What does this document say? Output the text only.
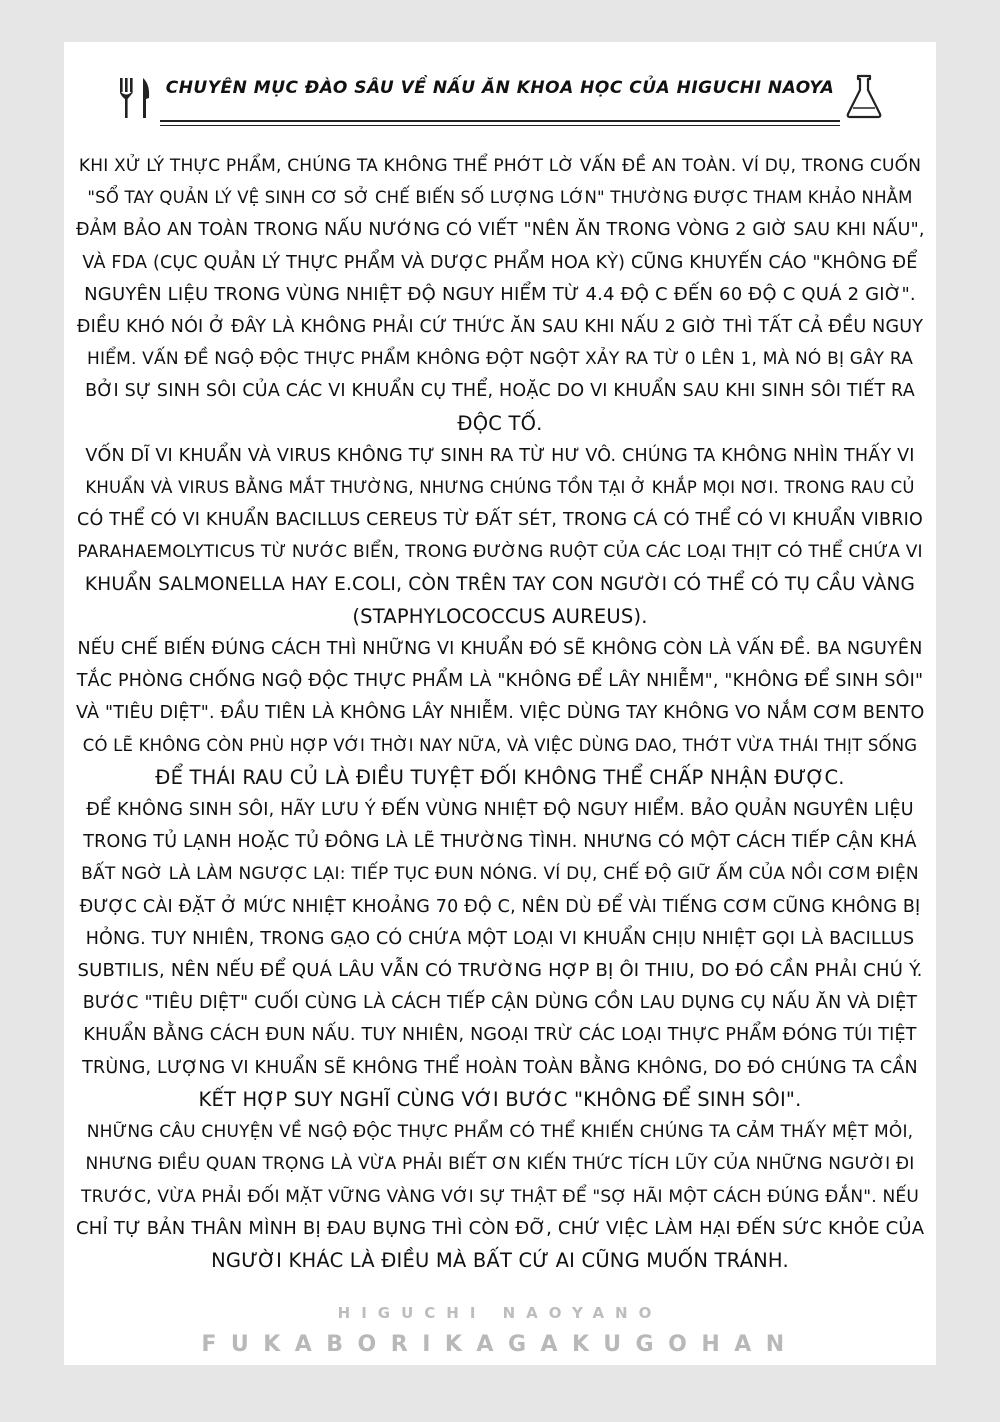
CHUYÊN MỤC ĐÀO SÂU VỀ NẤU ĂN KHOA HỌC CỦA HIGUCHI NAOYA
KHI XỬ LÝ THỰC PHẨM, CHÚNG TA KHÔNG THỂ PHỚT LỜ VẤN ĐỀ AN TOÀN. VÍ DỤ, TRONG CUỐN
"SỔ TAY QUẢN LÝ VỆ SINH CƠ SỞ CHẾ BIẾN SỐ LƯỢNG LỚN" THƯỜNG ĐƯỢC THAM KHẢO NHẰM
ĐẢM BẢO AN TOÀN TRONG NẤU NƯỚNG CÓ VIẾT "NÊN ĂN TRONG VÒNG 2 GIỜ SAU KHI NẤU",
VÀ FDA (CỤC QUẢN LÝ THỰC PHẨM VÀ DƯỢC PHẨM HOA KỲ) CŨNG KHUYẾN CÁO "KHÔNG ĐỂ
NGUYÊN LIỆU TRONG VÙNG NHIỆT ĐỘ NGUY HIỂM TỪ 4.4 ĐỘ C ĐẾN 60 ĐỘ C QUÁ 2 GIỜ".
ĐIỀU KHÓ NÓI Ở ĐÂY LÀ KHÔNG PHẢI CỨ THỨC ĂN SAU KHI NẤU 2 GIỜ THÌ TẤT CẢ ĐỀU NGUY
HIỂM. VẤN ĐỀ NGỘ ĐỘC THỰC PHẨM KHÔNG ĐỘT NGỘT XẢY RA TỪ 0 LÊN 1, MÀ NÓ BỊ GÂY RA
BỞI SỰ SINH SÔI CỦA CÁC VI KHUẨN CỤ THỂ, HOẶC DO VI KHUẨN SAU KHI SINH SÔI TIẾT RA
ĐỘC TỐ.
VỐN DĨ VI KHUẨN VÀ VIRUS KHÔNG TỰ SINH RA TỪ HƯ VÔ. CHÚNG TA KHÔNG NHÌN THẤY VI
KHUẨN VÀ VIRUS BẰNG MẮT THƯỜNG, NHƯNG CHÚNG TỒN TẠI Ở KHẮP MỌI NƠI. TRONG RAU CỦ
CÓ THỂ CÓ VI KHUẨN BACILLUS CEREUS TỪ ĐẤT SÉT, TRONG CÁ CÓ THỂ CÓ VI KHUẨN VIBRIO
PARAHAEMOLYTICUS TỪ NƯỚC BIỂN, TRONG ĐƯỜNG RUỘT CỦA CÁC LOẠI THỊT CÓ THỂ CHỨA VI
KHUẨN SALMONELLA HAY E.COLI, CÒN TRÊN TAY CON NGƯỜI CÓ THỂ CÓ TỤ CẦU VÀNG
(STAPHYLOCOCCUS AUREUS).
NẾU CHẾ BIẾN ĐÚNG CÁCH THÌ NHỮNG VI KHUẨN ĐÓ SẼ KHÔNG CÒN LÀ VẤN ĐỀ. BA NGUYÊN
TẮC PHÒNG CHỐNG NGỘ ĐỘC THỰC PHẨM LÀ "KHÔNG ĐỂ LÂY NHIỄM", "KHÔNG ĐỂ SINH SÔI"
VÀ "TIÊU DIỆT". ĐẦU TIÊN LÀ KHÔNG LÂY NHIỄM. VIỆC DÙNG TAY KHÔNG VO NẮM CƠM BENTO
CÓ LẼ KHÔNG CÒN PHÙ HỢP VỚI THỜI NAY NỮA, VÀ VIỆC DÙNG DAO, THỚT VỪA THÁI THỊT SỐNG
ĐỂ THÁI RAU CỦ LÀ ĐIỀU TUYỆT ĐỐI KHÔNG THỂ CHẤP NHẬN ĐƯỢC.
ĐỂ KHÔNG SINH SÔI, HÃY LƯU Ý ĐẾN VÙNG NHIỆT ĐỘ NGUY HIỂM. BẢO QUẢN NGUYÊN LIỆU
TRONG TỦ LẠNH HOẶC TỦ ĐÔNG LÀ LẼ THƯỜNG TÌNH. NHƯNG CÓ MỘT CÁCH TIẾP CẬN KHÁ
BẤT NGỜ LÀ LÀM NGƯỢC LẠI: TIẾP TỤC ĐUN NÓNG. VÍ DỤ, CHẾ ĐỘ GIỮ ẤM CỦA NỒI CƠM ĐIỆN
ĐƯỢC CÀI ĐẶT Ở MỨC NHIỆT KHOẢNG 70 ĐỘ C, NÊN DÙ ĐỂ VÀI TIẾNG CƠM CŨNG KHÔNG BỊ
HỎNG. TUY NHIÊN, TRONG GẠO CÓ CHỨA MỘT LOẠI VI KHUẨN CHỊU NHIỆT GỌI LÀ BACILLUS
SUBTILIS, NÊN NẾU ĐỂ QUÁ LÂU VẪN CÓ TRƯỜNG HỢP BỊ ÔI THIU, DO ĐÓ CẦN PHẢI CHÚ Ý.
BƯỚC "TIÊU DIỆT" CUỐI CÙNG LÀ CÁCH TIẾP CẬN DÙNG CỒN LAU DỤNG CỤ NẤU ĂN VÀ DIỆT
KHUẨN BẰNG CÁCH ĐUN NẤU. TUY NHIÊN, NGOẠI TRỪ CÁC LOẠI THỰC PHẨM ĐÓNG TÚI TIỆT
TRÙNG, LƯỢNG VI KHUẨN SẼ KHÔNG THỂ HOÀN TOÀN BẰNG KHÔNG, DO ĐÓ CHÚNG TA CẦN
KẾT HỢP SUY NGHĨ CÙNG VỚI BƯỚC "KHÔNG ĐỂ SINH SÔI".
NHỮNG CÂU CHUYỆN VỀ NGỘ ĐỘC THỰC PHẨM CÓ THỂ KHIẾN CHÚNG TA CẢM THẤY MỆT MỎI,
NHƯNG ĐIỀU QUAN TRỌNG LÀ VỪA PHẢI BIẾT ƠN KIẾN THỨC TÍCH LŨY CỦA NHỮNG NGƯỜI ĐI
TRƯỚC, VỪA PHẢI ĐỐI MẶT VỮNG VÀNG VỚI SỰ THẬT ĐỂ "SỢ HÃI MỘT CÁCH ĐÚNG ĐẮN". NẾU
CHỈ TỰ BẢN THÂN MÌNH BỊ ĐAU BỤNG THÌ CÒN ĐỠ, CHỨ VIỆC LÀM HẠI ĐẾN SỨC KHỎE CỦA
NGƯỜI KHÁC LÀ ĐIỀU MÀ BẤT CỨ AI CŨNG MUỐN TRÁNH.
HIGUCHI NAOYANO
FUKABORIKAGAKUGOHAN
